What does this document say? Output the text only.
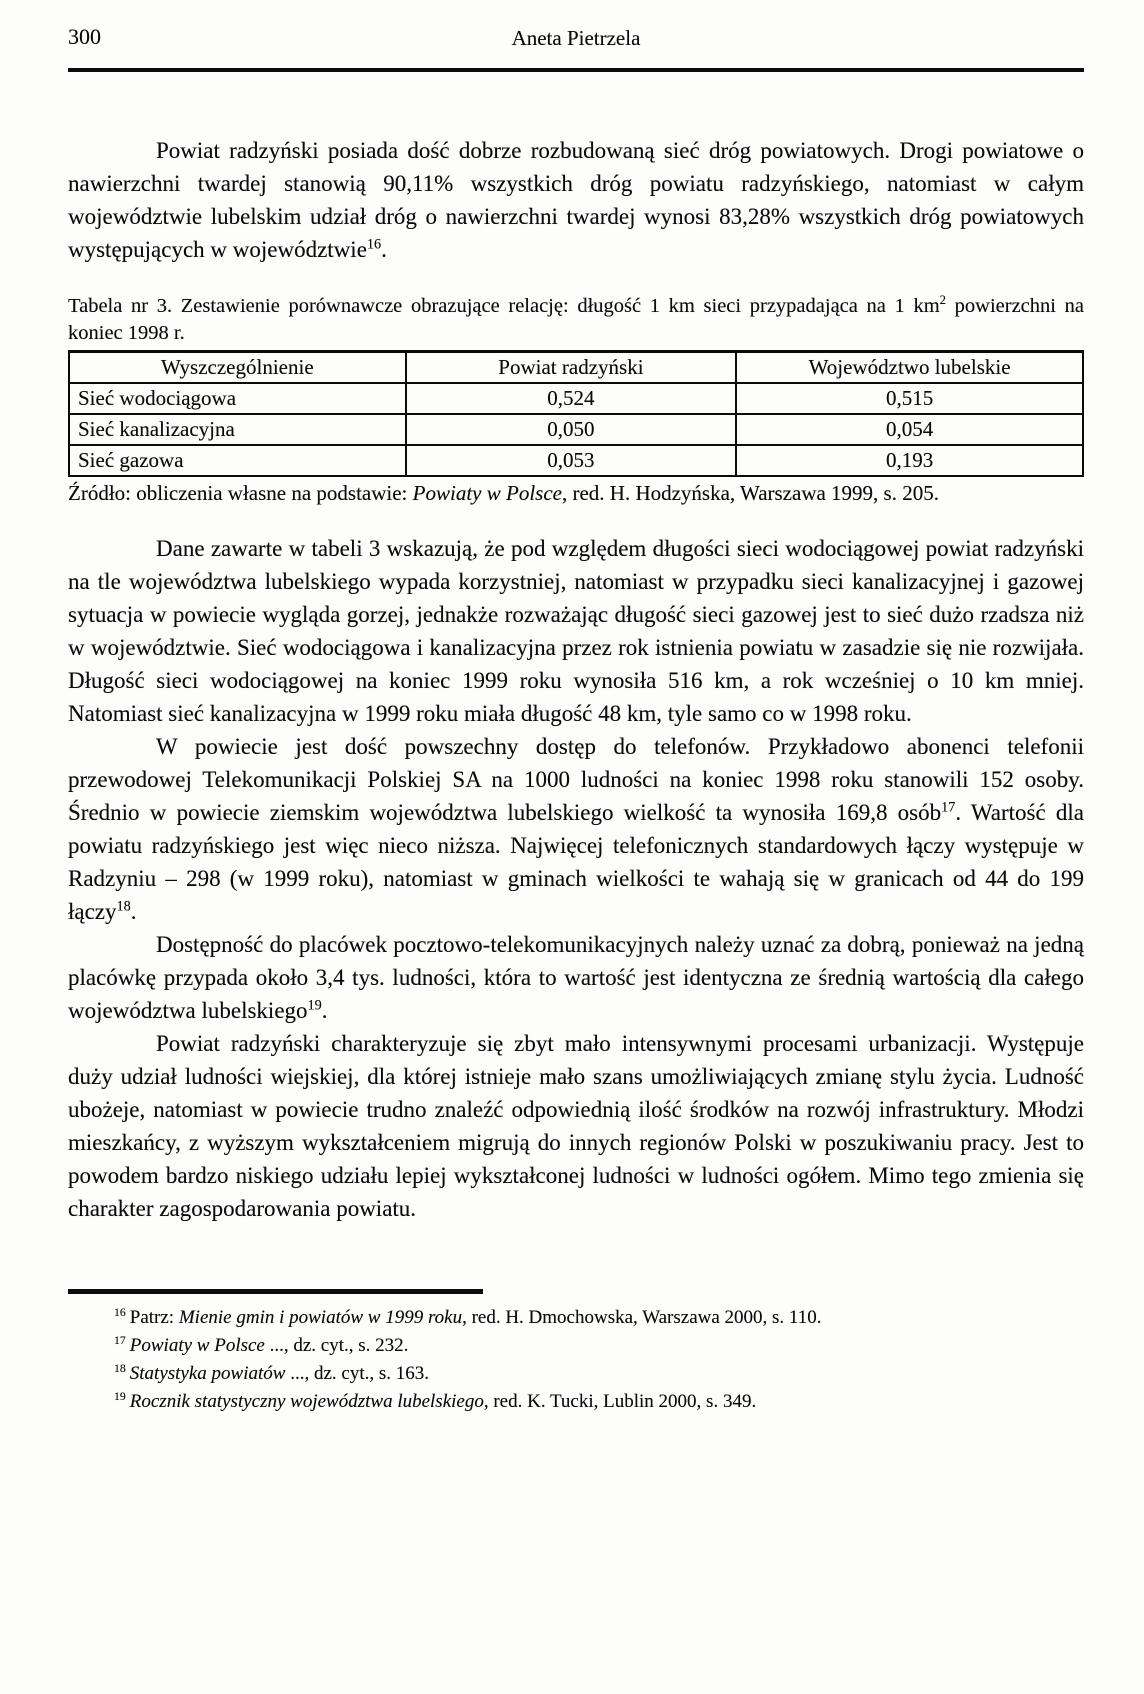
300	Aneta Pietrzela

Powiat radzyński posiada dość dobrze rozbudowaną sieć dróg powiatowych. Drogi powiatowe o nawierzchni twardej stanowią 90,11% wszystkich dróg powiatu radzyńskiego, natomiast w całym województwie lubelskim udział dróg o nawierzchni twardej wynosi 83,28% wszystkich dróg powiatowych występujących w województwie$^{16}$.

Tabela nr 3. Zestawienie porównawcze obrazujące relację: długość 1 km sieci przypadająca na 1 $km^2$ powierzchni na koniec 1998 r.
Wyszczególnienie	Powiat radzyński	Województwo lubelskie
Sieć wodociągowa	0,524	0,515
Sieć kanalizacyjna	0,050	0,054
Sieć gazowa	0,053	0,193
Źródło: obliczenia własne na podstawie: Powiaty w Polsce, red. H. Hodzyńska, Warszawa 1999, s. 205.

Dane zawarte w tabeli 3 wskazują, że pod względem długości sieci wodociągowej powiat radzyński na tle województwa lubelskiego wypada korzystniej, natomiast w przypadku sieci kanalizacyjnej i gazowej sytuacja w powiecie wygląda gorzej, jednakże rozważając długość sieci gazowej jest to sieć dużo rzadsza niż w województwie. Sieć wodociągowa i kanalizacyjna przez rok istnienia powiatu w zasadzie się nie rozwijała. Długość sieci wodociągowej na koniec 1999 roku wynosiła 516 km, a rok wcześniej o 10 km mniej. Natomiast sieć kanalizacyjna w 1999 roku miała długość 48 km, tyle samo co w 1998 roku.

W powiecie jest dość powszechny dostęp do telefonów. Przykładowo abonenci telefonii przewodowej Telekomunikacji Polskiej SA na 1000 ludności na koniec 1998 roku stanowili 152 osoby. Średnio w powiecie ziemskim województwa lubelskiego wielkość ta wynosiła 169,8 osób$^{17}$. Wartość dla powiatu radzyńskiego jest więc nieco niższa. Najwięcej telefonicznych standardowych łączy występuje w Radzyniu – 298 (w 1999 roku), natomiast w gminach wielkości te wahają się w granicach od 44 do 199 łączy$^{18}$.

Dostępność do placówek pocztowo-telekomunikacyjnych należy uznać za dobrą, ponieważ na jedną placówkę przypada około 3,4 tys. ludności, która to wartość jest identyczna ze średnią wartością dla całego województwa lubelskiego$^{19}$.

Powiat radzyński charakteryzuje się zbyt mało intensywnymi procesami urbanizacji. Występuje duży udział ludności wiejskiej, dla której istnieje mało szans umożliwiających zmianę stylu życia. Ludność ubożeje, natomiast w powiecie trudno znaleźć odpowiednią ilość środków na rozwój infrastruktury. Młodzi mieszkańcy, z wyższym wykształceniem migrują do innych regionów Polski w poszukiwaniu pracy. Jest to powodem bardzo niskiego udziału lepiej wykształconej ludności w ludności ogółem. Mimo tego zmienia się charakter zagospodarowania powiatu.

$^{16}$ Patrz: Mienie gmin i powiatów w 1999 roku, red. H. Dmochowska, Warszawa 2000, s. 110.
$^{17}$ Powiaty w Polsce ..., dz. cyt., s. 232.
$^{18}$ Statystyka powiatów ..., dz. cyt., s. 163.
$^{19}$ Rocznik statystyczny województwa lubelskiego, red. K. Tucki, Lublin 2000, s. 349.
